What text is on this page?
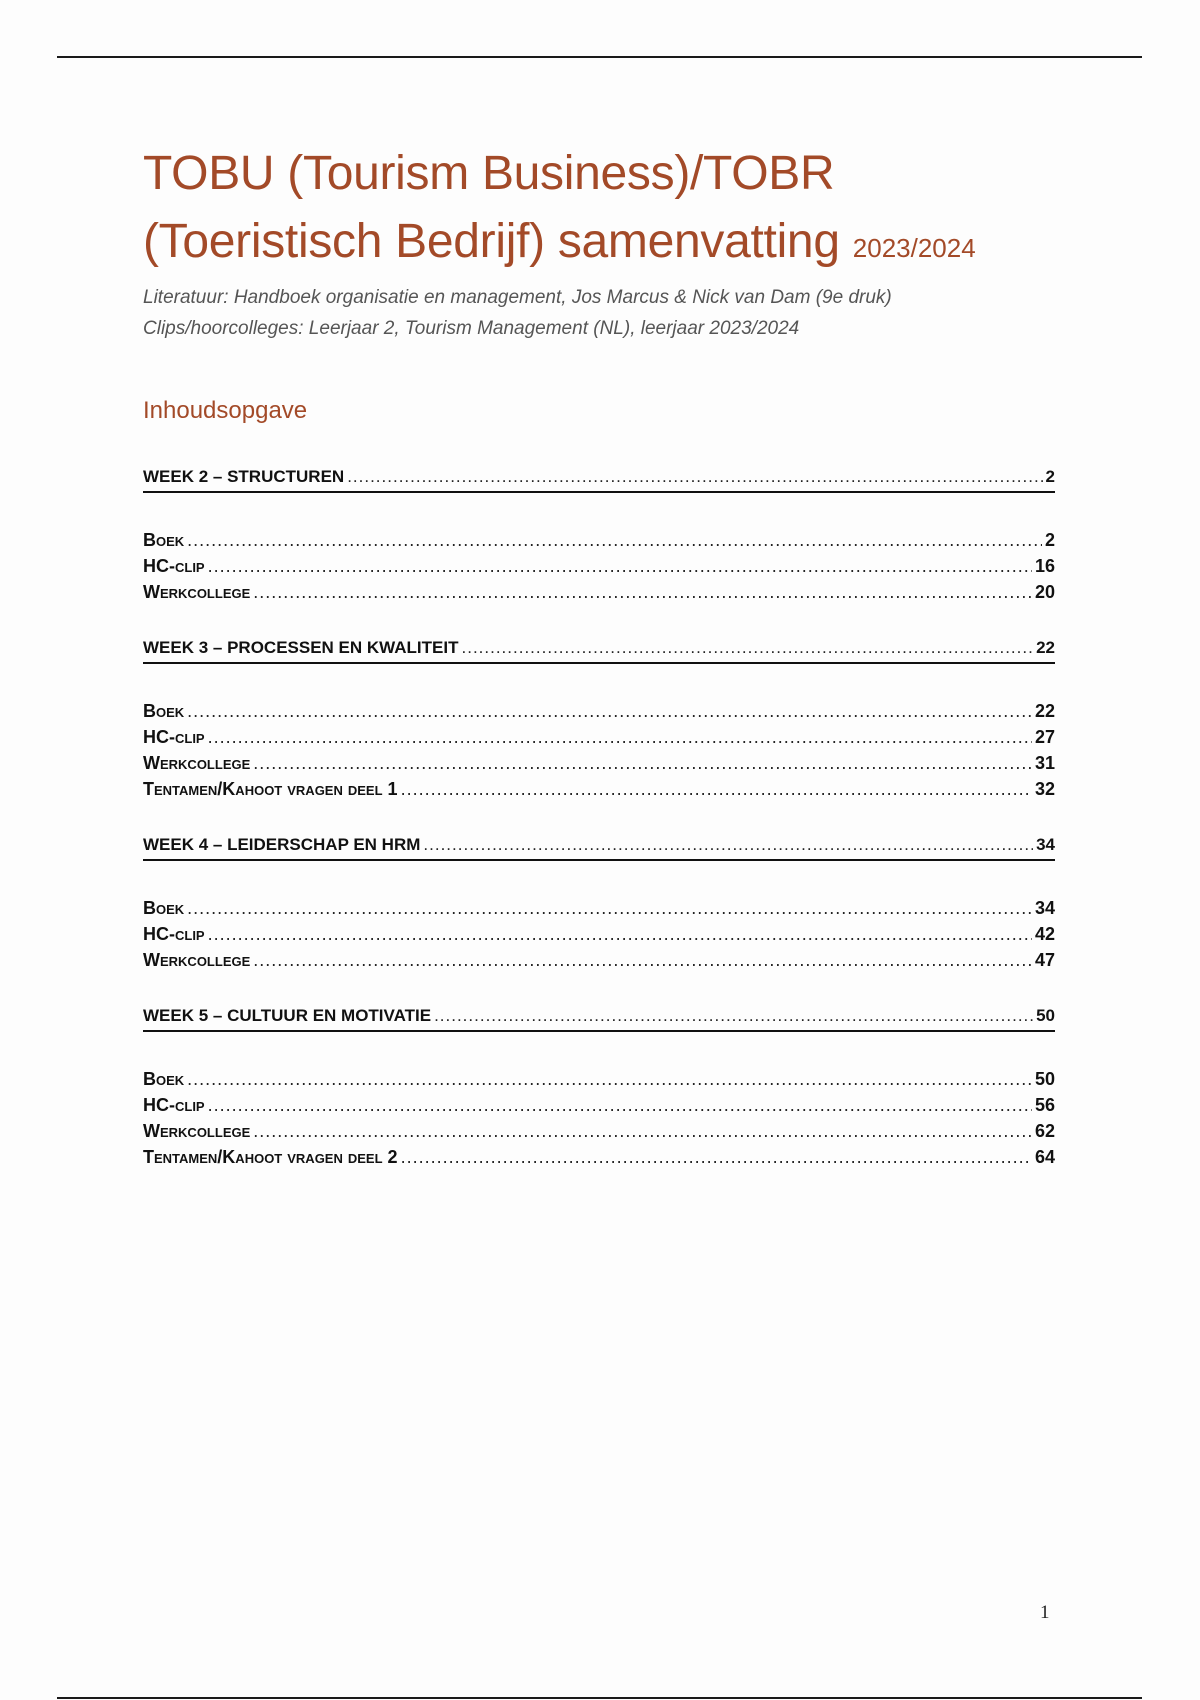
TOBU (Tourism Business)/TOBR
(Toeristisch Bedrijf) samenvatting 2023/2024

Literatuur: Handboek organisatie en management, Jos Marcus & Nick van Dam (9e druk)

Clips/hoorcolleges: Leerjaar 2, Tourism Management (NL), leerjaar 2023/2024

Inhoudsopgave
WEEK 2 – STRUCTUREN .....	2
Boek .....	2
HC-clip .....	16
Werkcollege .....	20
WEEK 3 – PROCESSEN EN KWALITEIT .....	22
Boek .....	22
HC-clip .....	27
Werkcollege .....	31
Tentamen/Kahoot vragen deel 1 .....	32
WEEK 4 – LEIDERSCHAP EN HRM .....	34
Boek .....	34
HC-clip .....	42
Werkcollege .....	47
WEEK 5 – CULTUUR EN MOTIVATIE .....	50
Boek .....	50
HC-clip .....	56
Werkcollege .....	62
Tentamen/Kahoot vragen deel 2 .....	64
1
